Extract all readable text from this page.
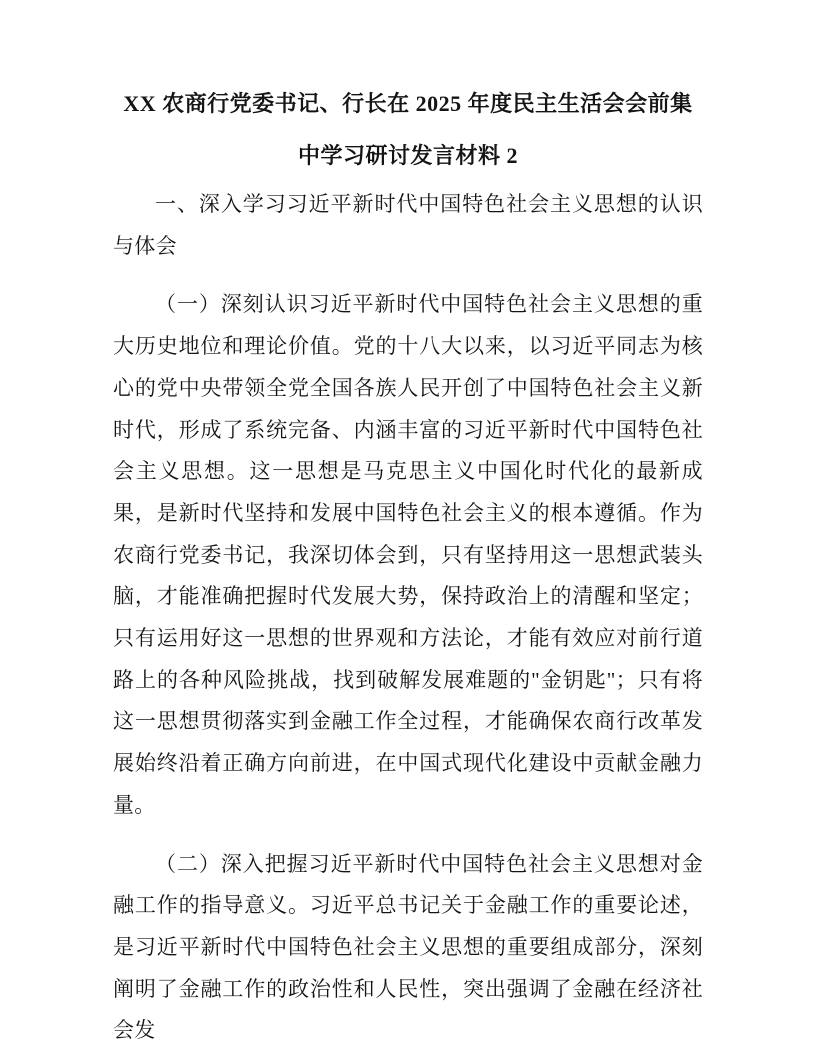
XX 农商行党委书记、行长在 2025 年度民主生活会会前集中学习研讨发言材料 2

一、深入学习习近平新时代中国特色社会主义思想的认识与体会

（一）深刻认识习近平新时代中国特色社会主义思想的重大历史地位和理论价值。党的十八大以来，以习近平同志为核心的党中央带领全党全国各族人民开创了中国特色社会主义新时代，形成了系统完备、内涵丰富的习近平新时代中国特色社会主义思想。这一思想是马克思主义中国化时代化的最新成果，是新时代坚持和发展中国特色社会主义的根本遵循。作为农商行党委书记，我深切体会到，只有坚持用这一思想武装头脑，才能准确把握时代发展大势，保持政治上的清醒和坚定；只有运用好这一思想的世界观和方法论，才能有效应对前行道路上的各种风险挑战，找到破解发展难题的"金钥匙"；只有将这一思想贯彻落实到金融工作全过程，才能确保农商行改革发展始终沿着正确方向前进，在中国式现代化建设中贡献金融力量。

（二）深入把握习近平新时代中国特色社会主义思想对金融工作的指导意义。习近平总书记关于金融工作的重要论述，是习近平新时代中国特色社会主义思想的重要组成部分，深刻阐明了金融工作的政治性和人民性，突出强调了金融在经济社会发
